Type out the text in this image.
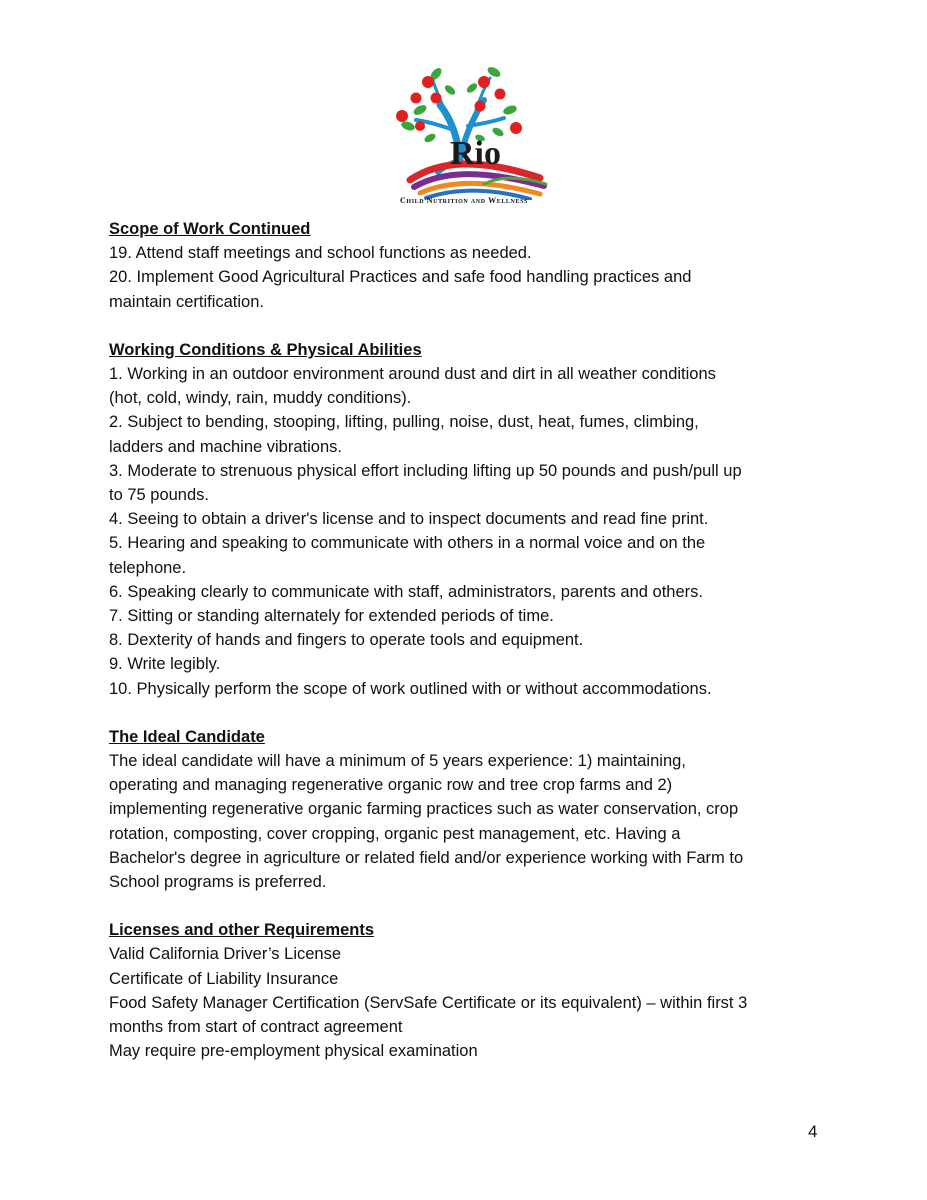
Rio
Child Nutrition and Wellness

Scope of Work Continued

19. Attend staff meetings and school functions as needed.

20. Implement Good Agricultural Practices and safe food handling practices and

maintain certification.

Working Conditions & Physical Abilities

1. Working in an outdoor environment around dust and dirt in all weather conditions

(hot, cold, windy, rain, muddy conditions).

2. Subject to bending, stooping, lifting, pulling, noise, dust, heat, fumes, climbing,

ladders and machine vibrations.

3. Moderate to strenuous physical effort including lifting up 50 pounds and push/pull up

to 75 pounds.

4. Seeing to obtain a driver's license and to inspect documents and read fine print.

5. Hearing and speaking to communicate with others in a normal voice and on the

telephone.

6. Speaking clearly to communicate with staff, administrators, parents and others.

7. Sitting or standing alternately for extended periods of time.

8. Dexterity of hands and fingers to operate tools and equipment.

9. Write legibly.

10. Physically perform the scope of work outlined with or without accommodations.

The Ideal Candidate

The ideal candidate will have a minimum of 5 years experience: 1) maintaining,

operating and managing regenerative organic row and tree crop farms and 2)

implementing regenerative organic farming practices such as water conservation, crop

rotation, composting, cover cropping, organic pest management, etc. Having a

Bachelor's degree in agriculture or related field and/or experience working with Farm to

School programs is preferred.

Licenses and other Requirements

Valid California Driver’s License

Certificate of Liability Insurance

Food Safety Manager Certification (ServSafe Certificate or its equivalent) – within first 3

months from start of contract agreement

May require pre-employment physical examination

4
